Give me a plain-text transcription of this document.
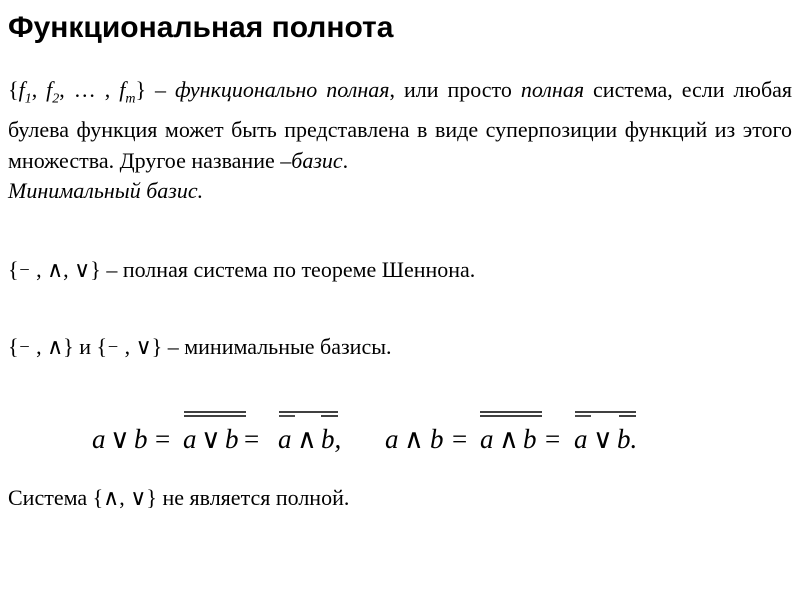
Функциональная полнота
{$f_1$, $f_2$, … , $f_m$} – функционально полная, или просто полная система, если любая булева функция может быть представлена в виде суперпозиции функций из этого множества. Другое название –базис.
Минимальный базис.
{ ‾ , ∧, ∨} – полная система по теореме Шеннона.
{ ‾ , ∧} и { ‾ , ∨} – минимальные базисы.
a ∨ b = a ∨ b = a ∧ b, a ∧ b = a ∧ b = a ∨ b.
Система {∧, ∨} не является полной.
